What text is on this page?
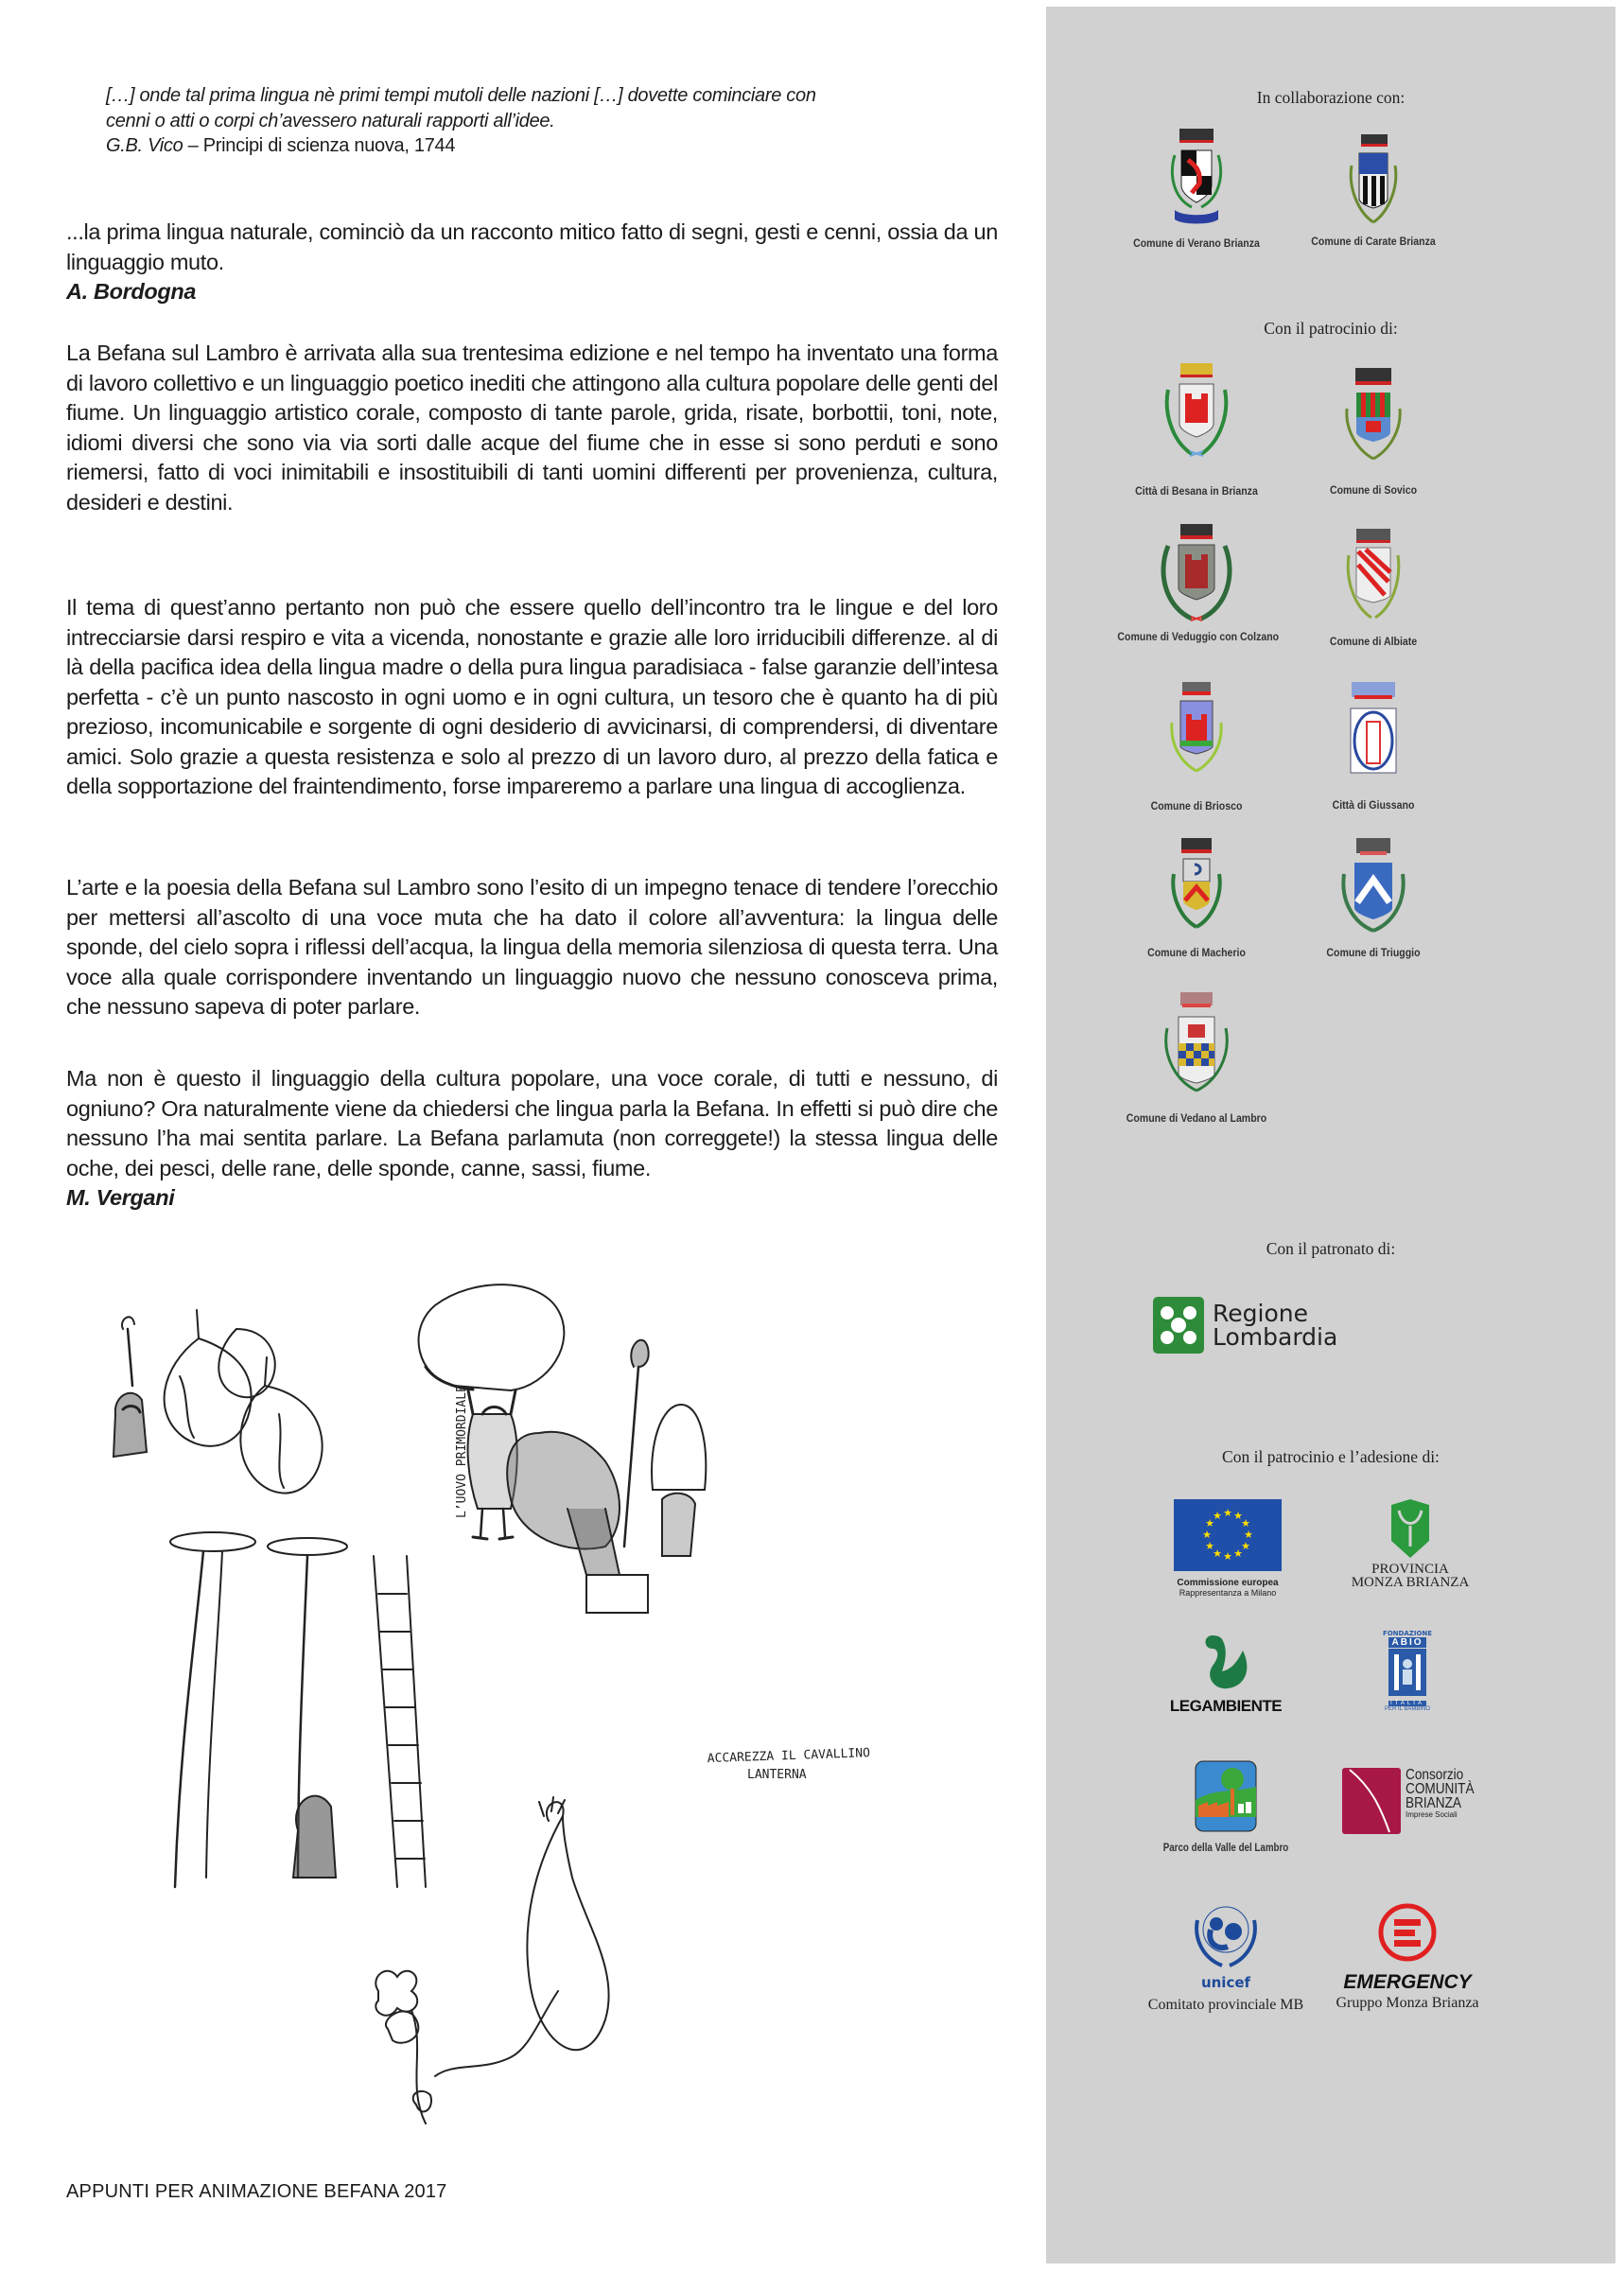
[…] onde tal prima lingua nè primi tempi mutoli delle nazioni […] dovette cominciare con
cenni o atti o corpi ch’avessero naturali rapporti all’idee.
G.B. Vico – Principi di scienza nuova, 1744

...la prima lingua naturale, cominciò da un racconto mitico fatto di segni, gesti e cenni, ossia da un linguaggio muto.

A. Bordogna

La Befana sul Lambro è arrivata alla sua trentesima edizione e nel tempo ha inventato una forma di lavoro collettivo e un linguaggio poetico inediti che attingono alla cultura popolare delle genti del fiume. Un linguaggio artistico corale, composto di tante parole, grida, risate, borbottii, toni, note, idiomi diversi che sono via via sorti dalle acque del fiume che in esse si sono perduti e sono riemersi, fatto di voci inimitabili e insostituibili di tanti uomini differenti per provenienza, cultura, desideri e destini.

Il tema di quest’anno pertanto non può che essere quello dell’incontro tra le lingue e del loro intrecciarsie darsi respiro e vita a vicenda, nonostante e grazie alle loro irriducibili differenze. al di là della pacifica idea della lingua madre o della pura lingua paradisiaca - false garanzie dell’intesa perfetta - c’è un punto nascosto in ogni uomo e in ogni cultura, un tesoro che è quanto ha di più prezioso, incomunicabile e sorgente di ogni desiderio di avvicinarsi, di comprendersi, di diventare amici. Solo grazie a questa resistenza e solo al prezzo di un lavoro duro, al prezzo della fatica e della sopportazione del fraintendimento, forse impareremo a parlare una lingua di accoglienza.

L’arte e la poesia della Befana sul Lambro sono l’esito di un impegno tenace di tendere l’orecchio per mettersi all’ascolto di una voce muta che ha dato il colore all’avventura: la lingua delle sponde, del cielo sopra i riflessi dell’acqua, la lingua della memoria silenziosa di questa terra. Una voce alla quale corrispondere inventando un linguaggio nuovo che nessuno conosceva prima, che nessuno sapeva di poter parlare.

Ma non è questo il linguaggio della cultura popolare, una voce corale, di tutti e nessuno, di ogniuno? Ora naturalmente viene da chiedersi che lingua parla la Befana. In effetti si può dire che nessuno l’ha mai sentita parlare. La Befana parlamuta (non correggete!) la stessa lingua delle oche, dei pesci, delle rane, delle sponde, canne, sassi, fiume.

M. Vergani
L’UOVO PRIMORDIALE
ACCAREZZA IL CAVALLINO
LANTERNA
APPUNTI PER ANIMAZIONE BEFANA 2017
In collaborazione con:
Comune di Verano Brianza	Comune di Carate Brianza
Con il patrocinio di:
Città di Besana in Brianza	Comune di Sovico
Comune di Veduggio con Colzano	Comune di Albiate
Comune di Briosco	Città di Giussano
Comune di Macherio	Comune di Triuggio
Comune di Vedano al Lambro
Con il patronato di:
Regione
Lombardia
Con il patrocinio e l’adesione di:
★ ★
★
★
★
★
★
★
★
★
★
★
Commissione europea
Rappresentanza a Milano
PROVINCIA
MONZA BRIANZA
LEGAMBIENTE
FONDAZIONE
ABIO
ITALIA
PER IL BAMBINO
Parco della Valle del Lambro
Consorzio
COMUNITÀ
BRIANZA
Imprese Sociali
unicef
Comitato provinciale MB
EMERGENCY
Gruppo Monza Brianza
